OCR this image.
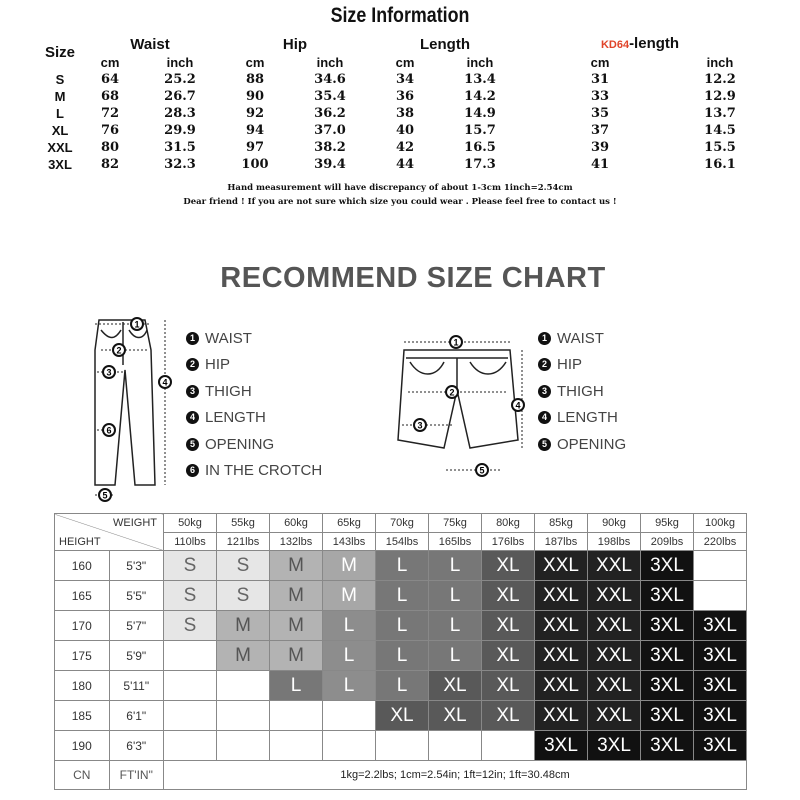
Size Information
Size	Waist		Hip		Length		KD64-length	
	cm	inch	cm	inch	cm	inch	cm	inch
S	64	25.2	88	34.6	34	13.4	31	12.2
M	68	26.7	90	35.4	36	14.2	33	12.9
L	72	28.3	92	36.2	38	14.9	35	13.7
XL	76	29.9	94	37.0	40	15.7	37	14.5
XXL	80	31.5	97	38.2	42	16.5	39	15.5
3XL	82	32.3	100	39.4	44	17.3	41	16.1
Hand measurement will have discrepancy of about 1-3cm 1inch=2.54cm
Dear friend ! If you are not sure which size you could wear . Please feel free to contact us !
RECOMMEND SIZE CHART
1
2
3
4
5
6
1 WAIST
2 HIP
3 THIGH
4 LENGTH
5 OPENING
6 IN THE CROTCH
1
2
3
4
5
1 WAIST
2 HIP
3 THIGH
4 LENGTH
5 OPENING
WEIGHT
HEIGHT		50kg	55kg	60kg	65kg	70kg	75kg	80kg	85kg	90kg	95kg	100kg
		110lbs	121lbs	132lbs	143lbs	154lbs	165lbs	176lbs	187lbs	198lbs	209lbs	220lbs
160	5'3"	S	S	M	M	L	L	XL	XXL	XXL	3XL	
165	5'5"	S	S	M	M	L	L	XL	XXL	XXL	3XL	
170	5'7"	S	M	M	L	L	L	XL	XXL	XXL	3XL	3XL
175	5'9"		M	M	L	L	L	XL	XXL	XXL	3XL	3XL
180	5'11"			L	L	L	XL	XL	XXL	XXL	3XL	3XL
185	6'1"					XL	XL	XL	XXL	XXL	3XL	3XL
190	6'3"								3XL	3XL	3XL	3XL
CN	FT'IN"	1kg=2.2lbs; 1cm=2.54in; 1ft=12in; 1ft=30.48cm										
